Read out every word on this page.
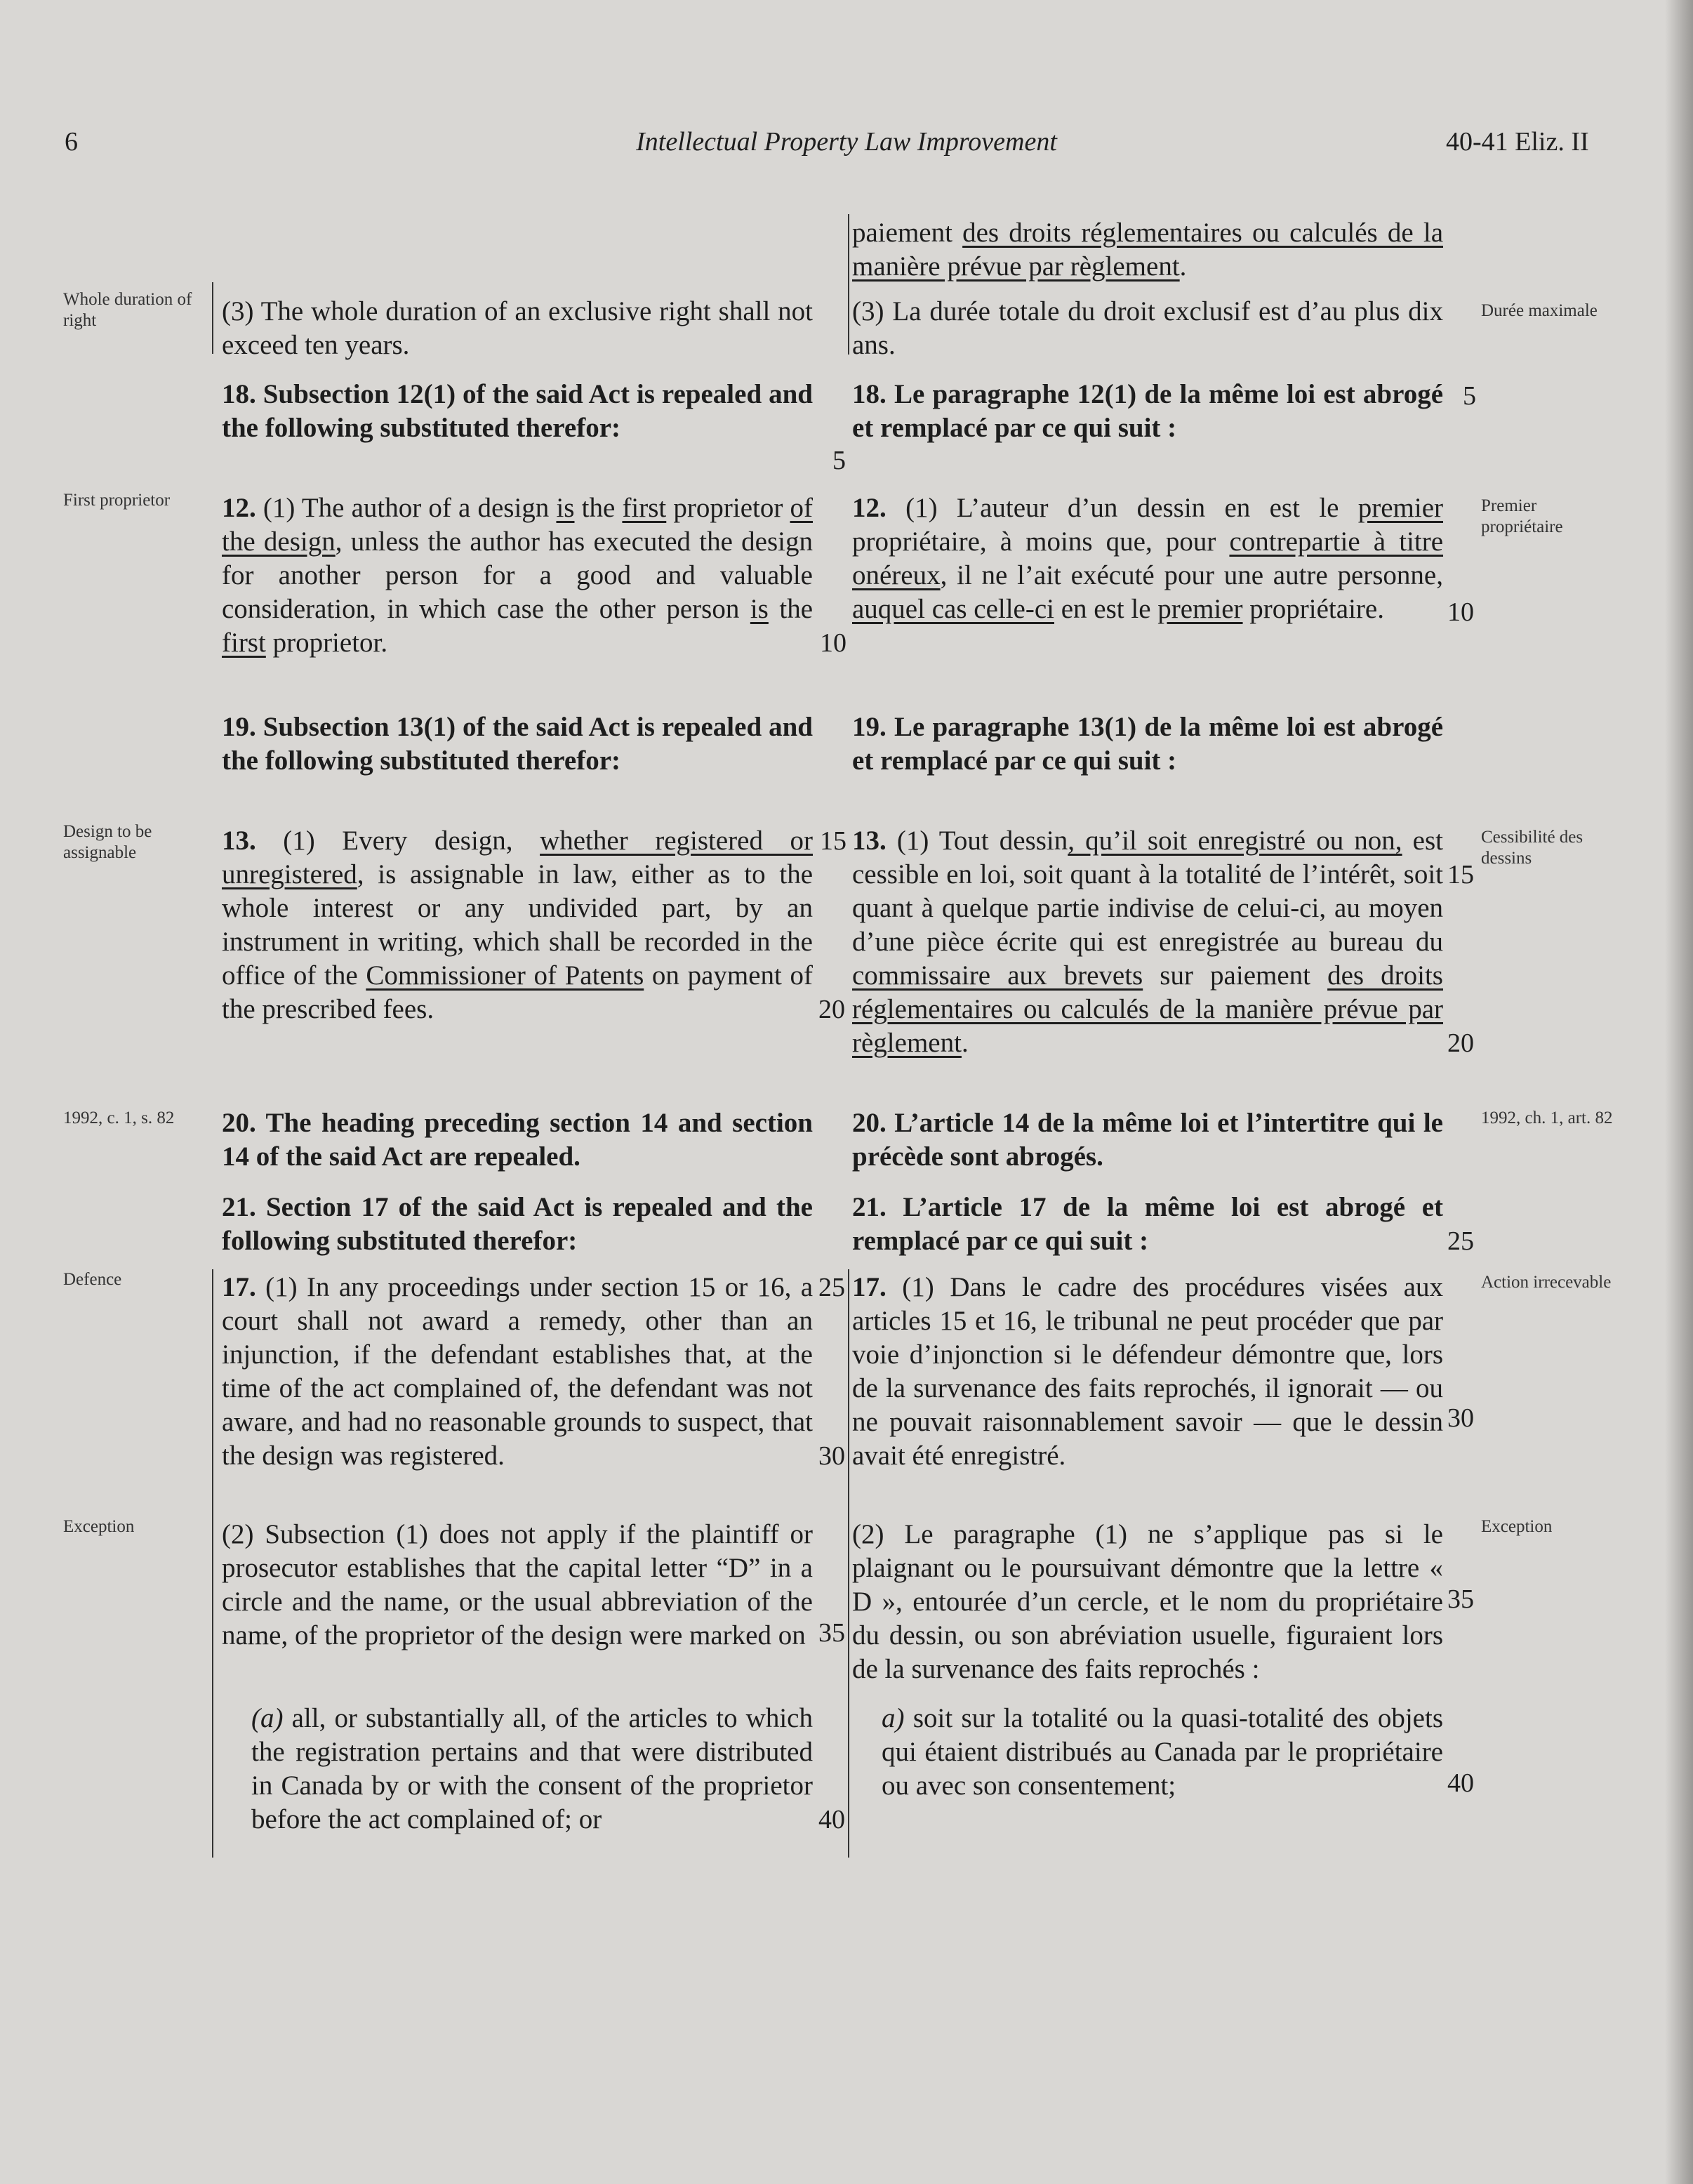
6	Intellectual Property Law Improvement	40-41 Eliz. II
Whole duration of right
First proprietor
Design to be assignable
1992, c. 1, s. 82
Defence
Exception
Durée maximale
Premier propriétaire
Cessibilité des dessins
1992, ch. 1, art. 82
Action irrecevable
Exception

(3) The whole duration of an exclusive right shall not exceed ten years.

18. Subsection 12(1) of the said Act is repealed and the following substituted therefor:

12. (1) The author of a design is the first proprietor of the design, unless the author has executed the design for another person for a good and valuable consideration, in which case the other person is the first proprietor.

19. Subsection 13(1) of the said Act is repealed and the following substituted therefor:

13. (1) Every design, whether registered or unregistered, is assignable in law, either as to the whole interest or any undivided part, by an instrument in writing, which shall be recorded in the office of the Commissioner of Patents on payment of the prescribed fees.

20. The heading preceding section 14 and section 14 of the said Act are repealed.

21. Section 17 of the said Act is repealed and the following substituted therefor:

17. (1) In any proceedings under section 15 or 16, a court shall not award a remedy, other than an injunction, if the defendant establishes that, at the time of the act complained of, the defendant was not aware, and had no reasonable grounds to suspect, that the design was registered.

(2) Subsection (1) does not apply if the plaintiff or prosecutor establishes that the capital letter “D” in a circle and the name, or the usual abbreviation of the name, of the proprietor of the design were marked on

(a) all, or substantially all, of the articles to which the registration pertains and that were distributed in Canada by or with the consent of the proprietor before the act complained of; or

5
10
15
20
25
30
35
40

paiement des droits réglementaires ou calculés de la manière prévue par règlement.

(3) La durée totale du droit exclusif est d’au plus dix ans.

18. Le paragraphe 12(1) de la même loi est abrogé et remplacé par ce qui suit :

12. (1) L’auteur d’un dessin en est le premier propriétaire, à moins que, pour contrepartie à titre onéreux, il ne l’ait exécuté pour une autre personne, auquel cas celle-ci en est le premier propriétaire.

19. Le paragraphe 13(1) de la même loi est abrogé et remplacé par ce qui suit :

13. (1) Tout dessin, qu’il soit enregistré ou non, est cessible en loi, soit quant à la totalité de l’intérêt, soit quant à quelque partie indivise de celui-ci, au moyen d’une pièce écrite qui est enregistrée au bureau du commissaire aux brevets sur paiement des droits réglementaires ou calculés de la manière prévue par règlement.

20. L’article 14 de la même loi et l’intertitre qui le précède sont abrogés.

21. L’article 17 de la même loi est abrogé et remplacé par ce qui suit :

17. (1) Dans le cadre des procédures visées aux articles 15 et 16, le tribunal ne peut procéder que par voie d’injonction si le défendeur démontre que, lors de la survenance des faits reprochés, il ignorait — ou ne pouvait raisonnablement savoir — que le dessin avait été enregistré.

(2) Le paragraphe (1) ne s’applique pas si le plaignant ou le poursuivant démontre que la lettre « D », entourée d’un cercle, et le nom du propriétaire du dessin, ou son abréviation usuelle, figuraient lors de la survenance des faits reprochés :

a) soit sur la totalité ou la quasi-totalité des objets qui étaient distribués au Canada par le propriétaire ou avec son consentement;

5
10
15
20
25
30
35
40
